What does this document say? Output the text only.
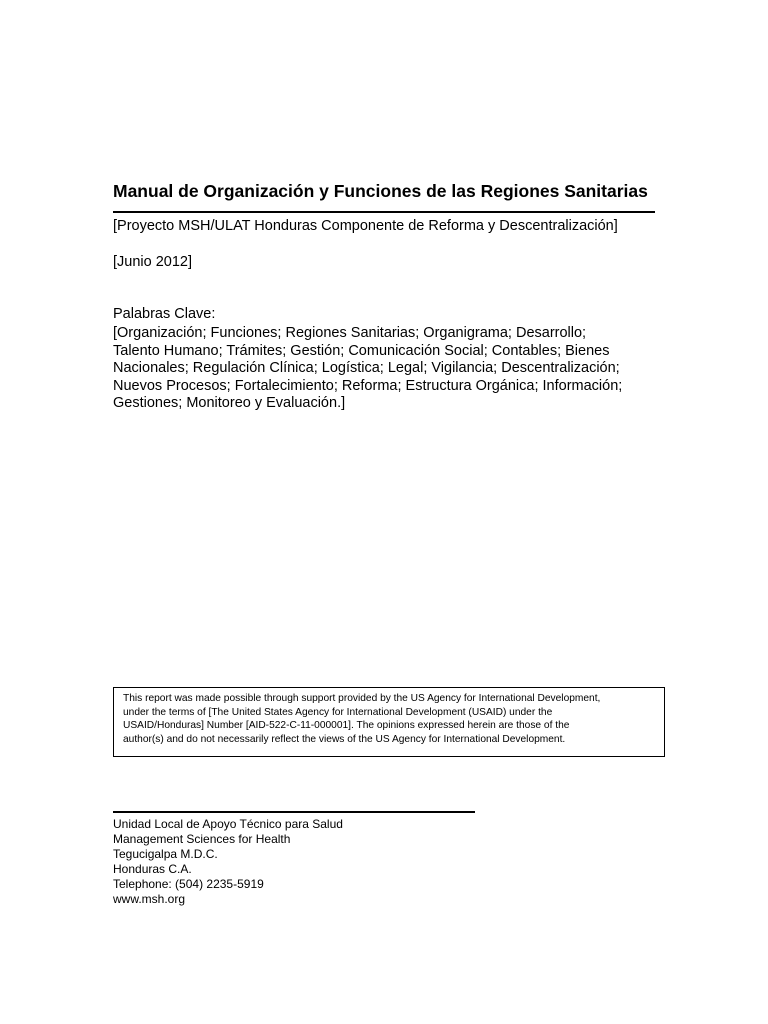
Manual de Organización y Funciones de las Regiones Sanitarias
[Proyecto MSH/ULAT Honduras Componente de Reforma y Descentralización]
[Junio 2012]
Palabras Clave:
[Organización; Funciones; Regiones Sanitarias; Organigrama; Desarrollo;
Talento Humano; Trámites; Gestión; Comunicación Social; Contables; Bienes
Nacionales; Regulación Clínica; Logística; Legal; Vigilancia; Descentralización;
Nuevos Procesos; Fortalecimiento; Reforma; Estructura Orgánica; Información;
Gestiones; Monitoreo y Evaluación.]
This report was made possible through support provided by the US Agency for International Development,
under the terms of [The United States Agency for International Development (USAID) under the
USAID/Honduras] Number [AID-522-C-11-000001]. The opinions expressed herein are those of the
author(s) and do not necessarily reflect the views of the US Agency for International Development.
Unidad Local de Apoyo Técnico para Salud
Management Sciences for Health
Tegucigalpa M.D.C.
Honduras C.A.
Telephone: (504) 2235-5919
www.msh.org
